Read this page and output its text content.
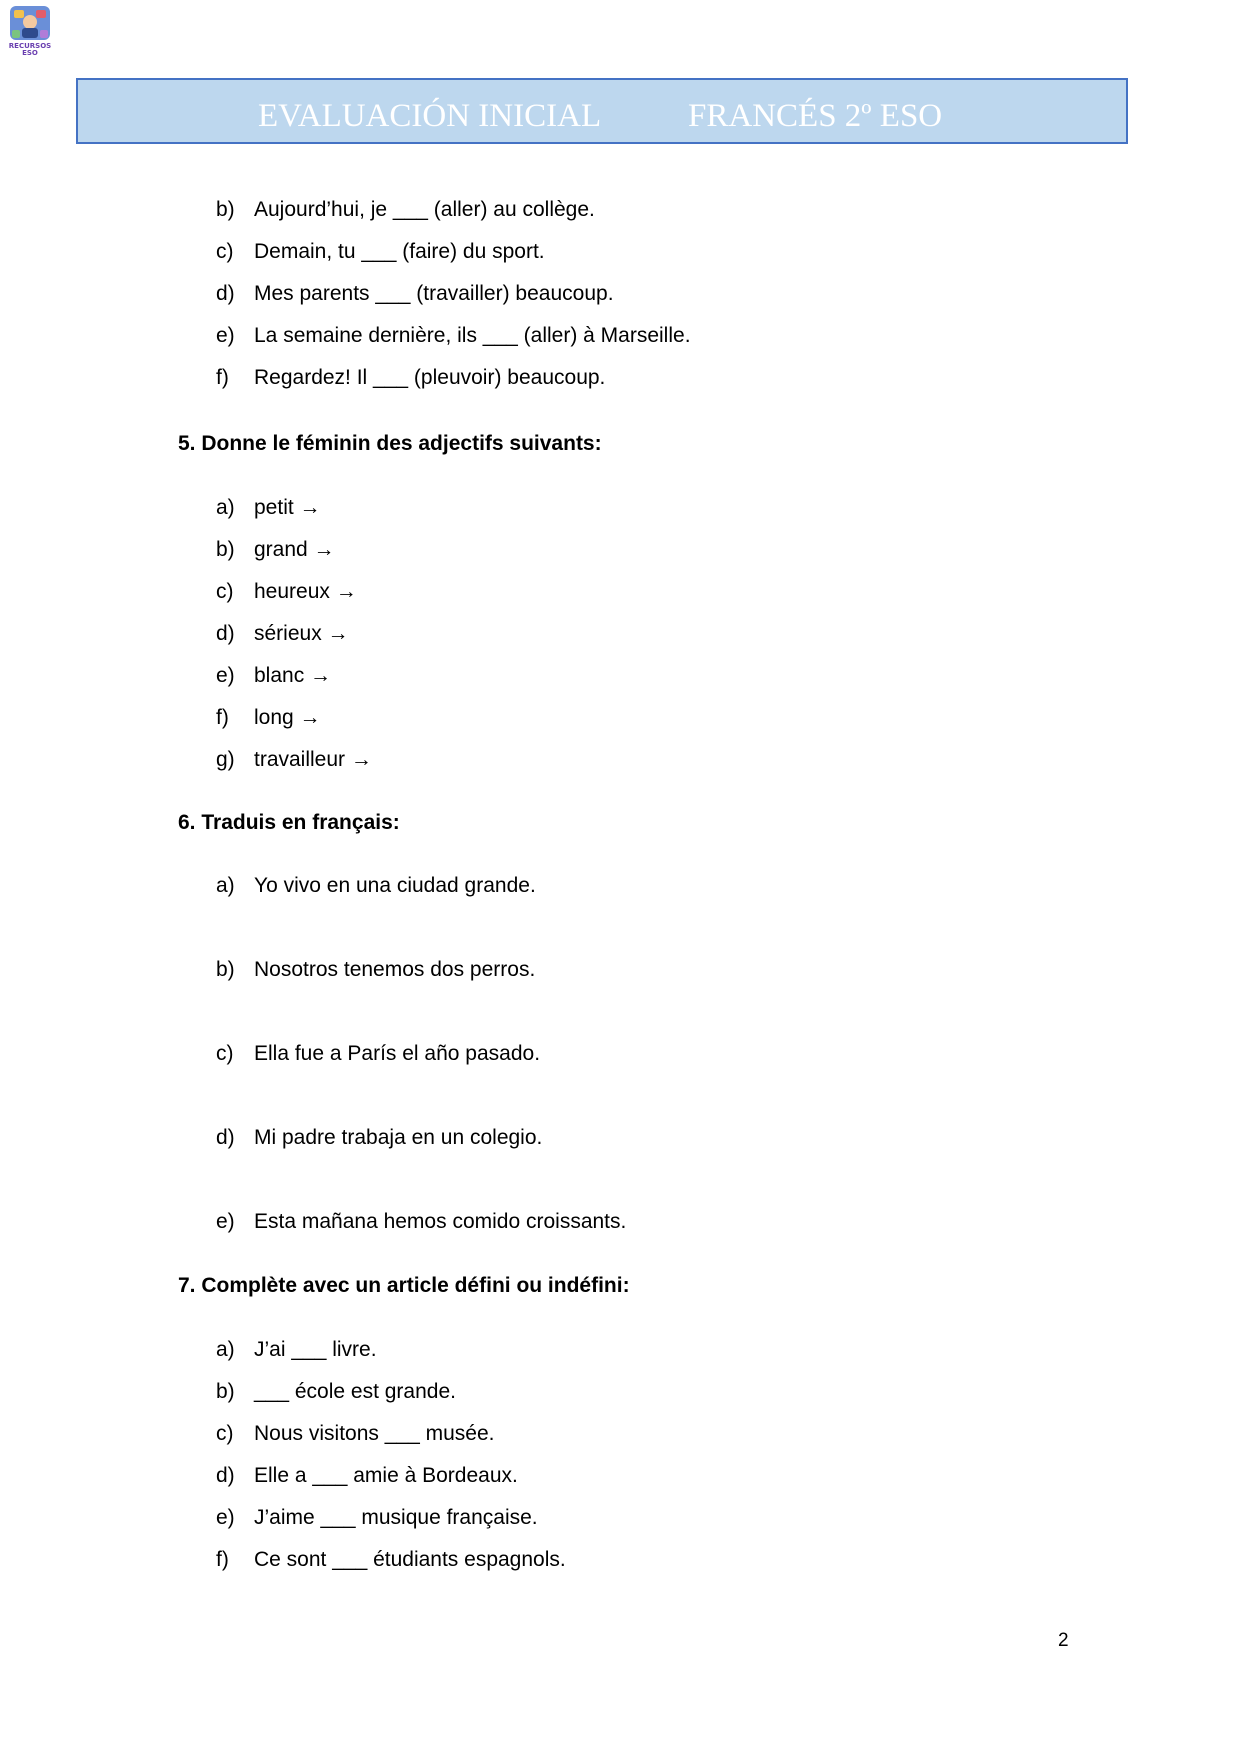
RECURSOS
ESO
EVALUACIÓN INICIAL	FRANCÉS 2º ESO
b) Aujourd’hui, je ___ (aller) au collège.
c) Demain, tu ___ (faire) du sport.
d) Mes parents ___ (travailler) beaucoup.
e) La semaine dernière, ils ___ (aller) à Marseille.
f) Regardez! Il ___ (pleuvoir) beaucoup.
5. Donne le féminin des adjectifs suivants:
a) petit →
b) grand →
c) heureux →
d) sérieux →
e) blanc →
f) long →
g) travailleur →
6. Traduis en français:
a) Yo vivo en una ciudad grande.
b) Nosotros tenemos dos perros.
c) Ella fue a París el año pasado.
d) Mi padre trabaja en un colegio.
e) Esta mañana hemos comido croissants.
7. Complète avec un article défini ou indéfini:
a) J’ai ___ livre.
b) ___ école est grande.
c) Nous visitons ___ musée.
d) Elle a ___ amie à Bordeaux.
e) J’aime ___ musique française.
f) Ce sont ___ étudiants espagnols.
2
